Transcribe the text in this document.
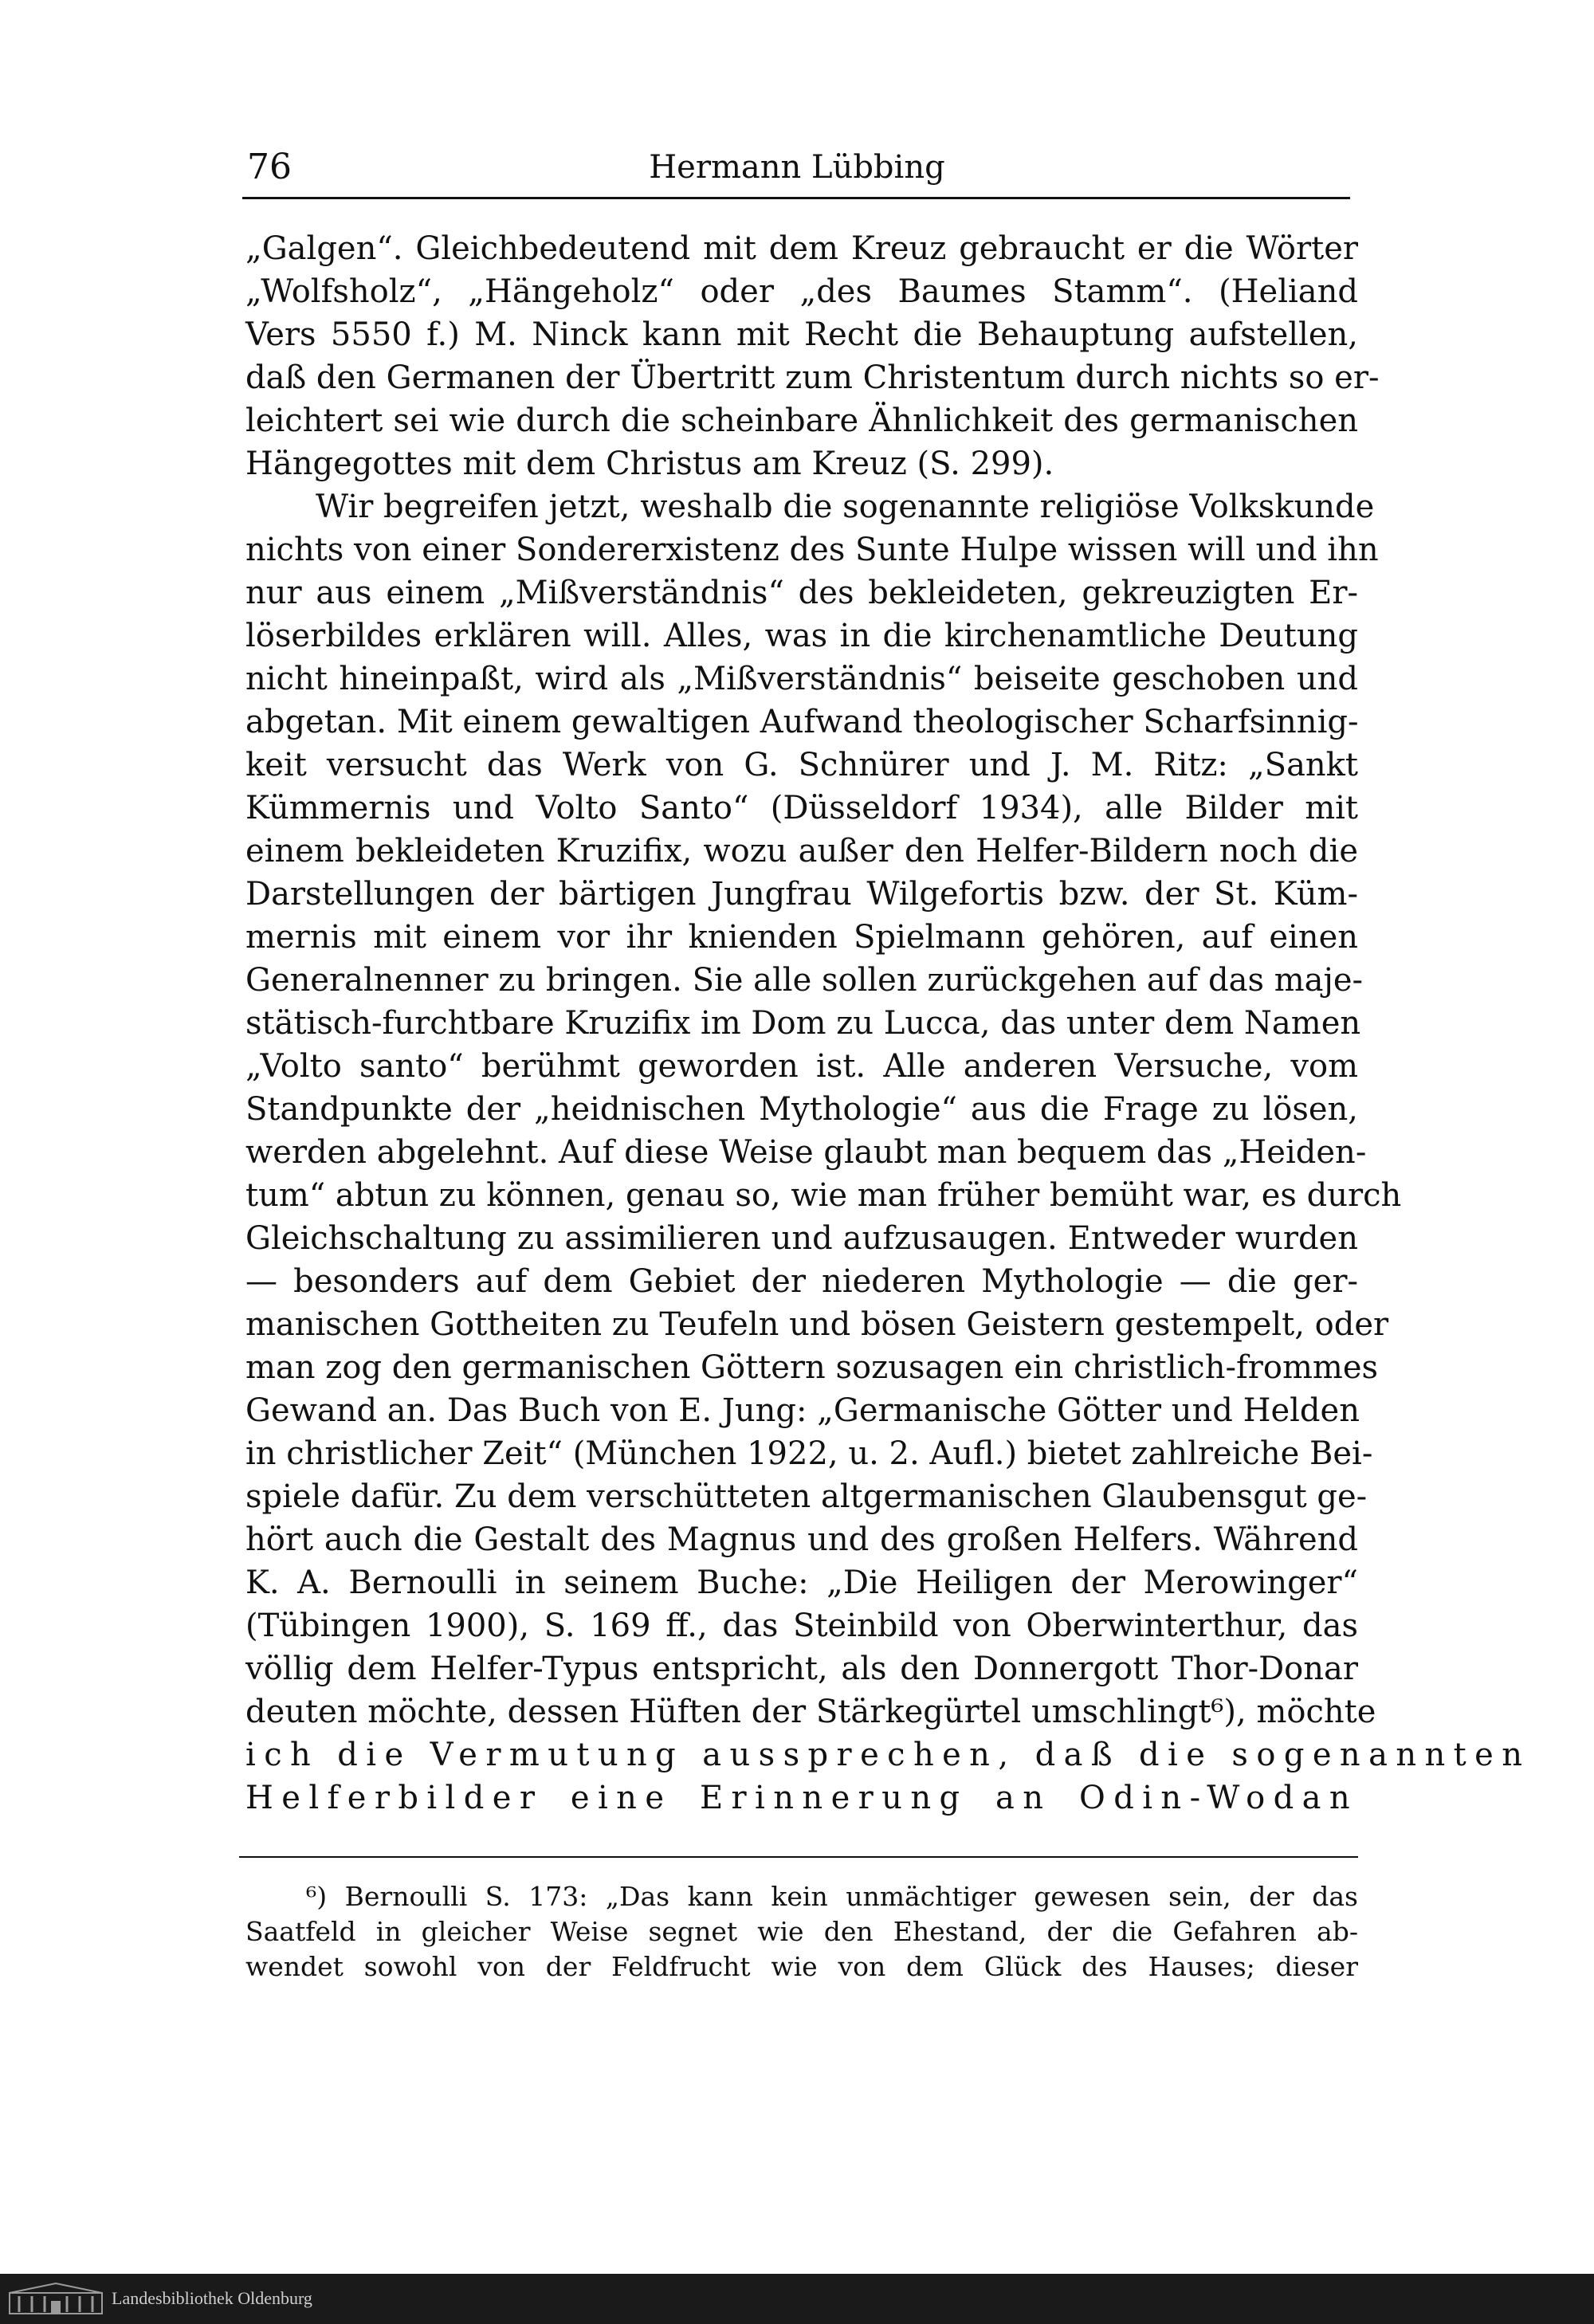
76	Hermann Lübbing
„Galgen“. Gleichbedeutend mit dem Kreuz gebraucht er die Wörter
„Wolfsholz“, „Hängeholz“ oder „des Baumes Stamm“. (Heliand
Vers 5550 f.) M. Ninck kann mit Recht die Behauptung aufstellen,
daß den Germanen der Übertritt zum Christentum durch nichts so er-
leichtert sei wie durch die scheinbare Ähnlichkeit des germanischen
Hängegottes mit dem Christus am Kreuz (S. 299).
Wir begreifen jetzt, weshalb die sogenannte religiöse Volkskunde
nichts von einer Sondererxistenz des Sunte Hulpe wissen will und ihn
nur aus einem „Mißverständnis“ des bekleideten, gekreuzigten Er-
löserbildes erklären will. Alles, was in die kirchenamtliche Deutung
nicht hineinpaßt, wird als „Mißverständnis“ beiseite geschoben und
abgetan. Mit einem gewaltigen Aufwand theologischer Scharfsinnig-
keit versucht das Werk von G. Schnürer und J. M. Ritz: „Sankt
Kümmernis und Volto Santo“ (Düsseldorf 1934), alle Bilder mit
einem bekleideten Kruzifix, wozu außer den Helfer-Bildern noch die
Darstellungen der bärtigen Jungfrau Wilgefortis bzw. der St. Küm-
mernis mit einem vor ihr knienden Spielmann gehören, auf einen
Generalnenner zu bringen. Sie alle sollen zurückgehen auf das maje-
stätisch-furchtbare Kruzifix im Dom zu Lucca, das unter dem Namen
„Volto santo“ berühmt geworden ist. Alle anderen Versuche, vom
Standpunkte der „heidnischen Mythologie“ aus die Frage zu lösen,
werden abgelehnt. Auf diese Weise glaubt man bequem das „Heiden-
tum“ abtun zu können, genau so, wie man früher bemüht war, es durch
Gleichschaltung zu assimilieren und aufzusaugen. Entweder wurden
— besonders auf dem Gebiet der niederen Mythologie — die ger-
manischen Gottheiten zu Teufeln und bösen Geistern gestempelt, oder
man zog den germanischen Göttern sozusagen ein christlich-frommes
Gewand an. Das Buch von E. Jung: „Germanische Götter und Helden
in christlicher Zeit“ (München 1922, u. 2. Aufl.) bietet zahlreiche Bei-
spiele dafür. Zu dem verschütteten altgermanischen Glaubensgut ge-
hört auch die Gestalt des Magnus und des großen Helfers. Während
K. A. Bernoulli in seinem Buche: „Die Heiligen der Merowinger“
(Tübingen 1900), S. 169 ff., das Steinbild von Oberwinterthur, das
völlig dem Helfer-Typus entspricht, als den Donnergott Thor-Donar
deuten möchte, dessen Hüften der Stärkegürtel umschlingt⁶), möchte
ich die Vermutung aussprechen, daß die sogenannten
Helferbilder eine Erinnerung an Odin-Wodan
⁶) Bernoulli S. 173: „Das kann kein unmächtiger gewesen sein, der das
Saatfeld in gleicher Weise segnet wie den Ehestand, der die Gefahren ab-
wendet sowohl von der Feldfrucht wie von dem Glück des Hauses; dieser
Landesbibliothek Oldenburg
